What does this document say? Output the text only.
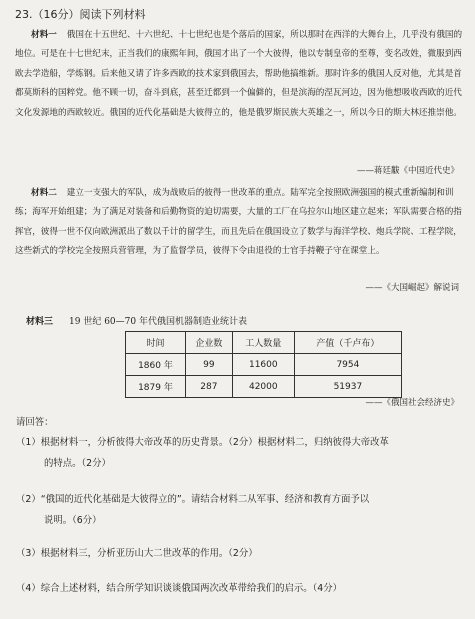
23.（16分）阅读下列材料
材料一 俄国在十五世纪、十六世纪、十七世纪也是个落后的国家，所以那时在西洋的大舞台上，几乎没有俄国的地位。可是在十七世纪末，正当我们的康熙年间，俄国才出了一个大彼得，他以专制皇帝的至尊，变名改姓，微服到西欧去学造船，学炼钢。后来他又请了许多西欧的技术家到俄国去，帮助他搞维新。那时许多的俄国人反对他，尤其是首都莫斯科的国粹党。他不顾一切，奋斗到底，甚至迁都到一个偏僻的，但是滨海的涅瓦河边，因为他想吸收西欧的近代文化发源地的西欧较近。俄国的近代化基础是大彼得立的，他是俄罗斯民族大英雄之一，所以今日的斯大林还推崇他。
——蒋廷黻《中国近代史》
材料二 建立一支强大的军队，成为战败后的彼得一世改革的重点。陆军完全按照欧洲强国的模式重新编制和训练；海军开始组建；为了满足对装备和后勤物资的迫切需要，大量的工厂在乌拉尔山地区建立起来；军队需要合格的指挥官，彼得一世不仅向欧洲派出了数以千计的留学生，而且先后在俄国设立了数学与海洋学校、炮兵学院、工程学院，这些新式的学校完全按照兵营管理，为了监督学员，彼得下令由退役的士官手持鞭子守在课堂上。
——《大国崛起》解说词
材料三 19 世纪 60—70 年代俄国机器制造业统计表
时间	企业数	工人数量	产值（千卢布）
1860 年	99	11600	7954
1879 年	287	42000	51937
——《俄国社会经济史》
请回答：
（1）根据材料一，分析彼得大帝改革的历史背景。（2分）根据材料二，归纳彼得大帝改革
的特点。（2分）
（2）“俄国的近代化基础是大彼得立的”。请结合材料二从军事、经济和教育方面予以
说明。（6分）
（3）根据材料三，分析亚历山大二世改革的作用。（2分）
（4）综合上述材料，结合所学知识谈谈俄国两次改革带给我们的启示。（4分）
